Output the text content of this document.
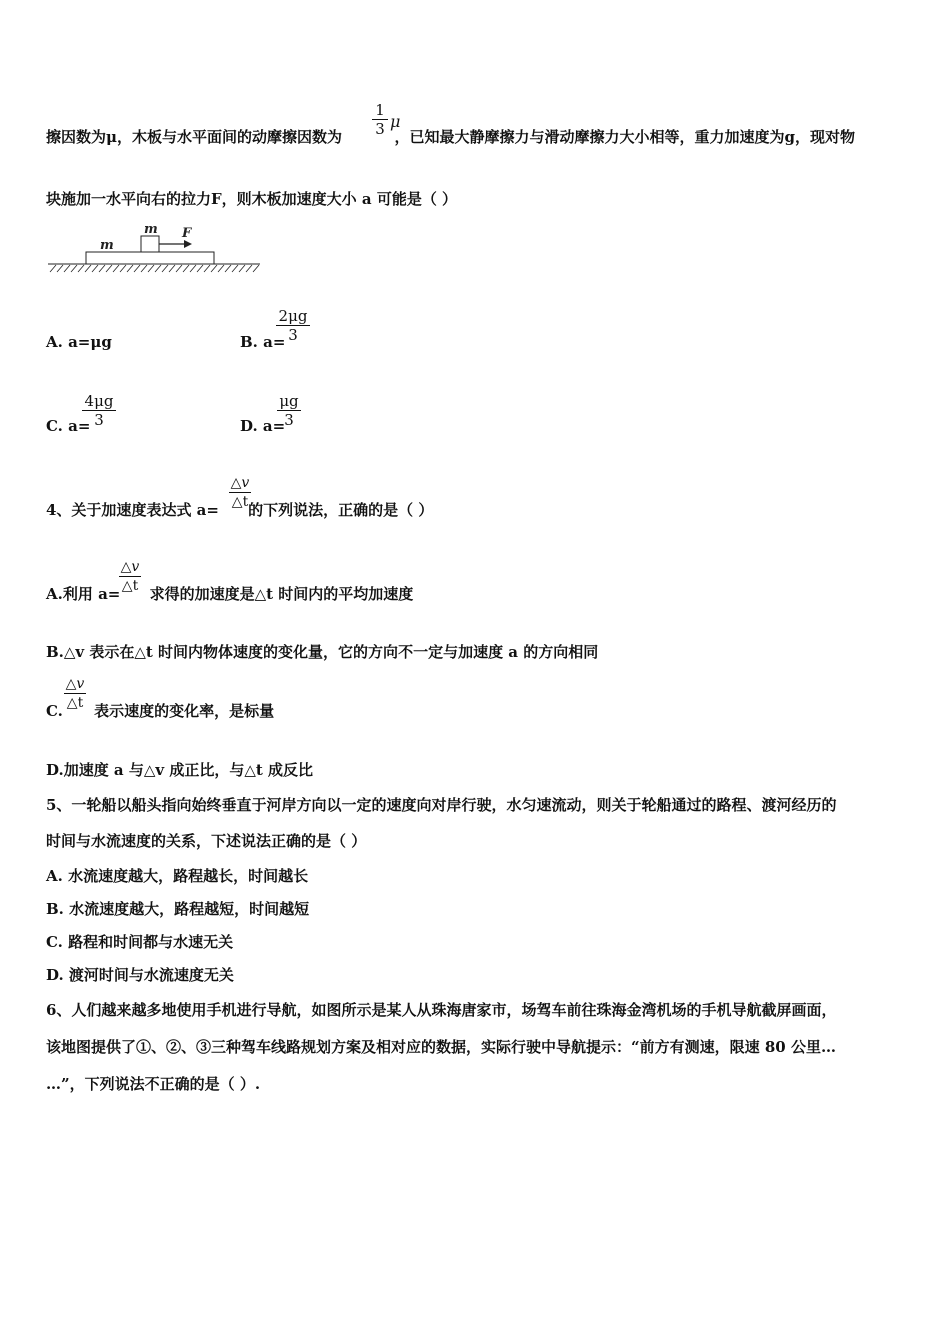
擦因数为μ，木板与水平面间的动摩擦因数为	，已知最大静摩擦力与滑动摩擦力大小相等，重力加速度为g，现对物
1
3 μ
块施加一水平向右的拉力F，则木板加速度大小 a 可能是（ ）
m
m F
A. a=μg	B. a=
2μg
3
C. a=
4μg
3	D. a=
μg
3
4、关于加速度表达式 a= 的下列说法，正确的是（ ）
△v
△t
A.利用 a= 求得的加速度是△t 时间内的平均加速度
△v
△t
B.△v 表示在△t 时间内物体速度的变化量，它的方向不一定与加速度 a 的方向相同
C. 表示速度的变化率，是标量
△v
△t
D.加速度 a 与△v 成正比，与△t 成反比
5、一轮船以船头指向始终垂直于河岸方向以一定的速度向对岸行驶，水匀速流动，则关于轮船通过的路程、渡河经历的
时间与水流速度的关系，下述说法正确的是（ ）
A. 水流速度越大，路程越长，时间越长
B. 水流速度越大，路程越短，时间越短
C. 路程和时间都与水速无关
D. 渡河时间与水流速度无关
6、人们越来越多地使用手机进行导航，如图所示是某人从珠海唐家市，场驾车前往珠海金湾机场的手机导航截屏画面，
该地图提供了①、②、③三种驾车线路规划方案及相对应的数据，实际行驶中导航提示：“前方有测速，限速 80 公里…
…”，下列说法不正确的是（ ）.
